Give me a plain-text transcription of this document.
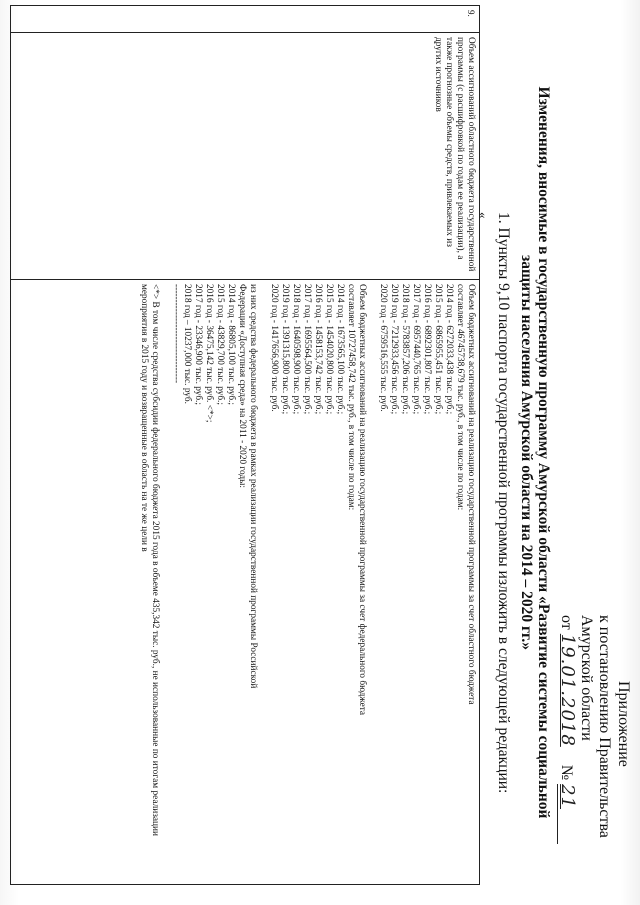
Приложение
к постановлению Правительства
Амурской области
от 19.01.2018 № 21
Изменения, вносимые в государственную программу Амурской области «Развитие системы социальной
защиты населения Амурской области на 2014 – 2020 гг.»
1. Пункты 9,10 паспорта государственной программы изложить в следующей редакции:
«
9.	Объем ассигнований областного бюджета государственной программы (с расшифровкой по годам ее реализации), а также прогнозные объемы средств, привлекаемых из других источников	
Объем бюджетных ассигнований на реализацию государственной программы за счет областного бюджета
составляет 46745738,679 тыс. руб., в том числе по годам:
2014 год - 6272033,438 тыс. руб.;
2015 год - 6865955,451 тыс. руб.;
2016 год - 6892301,807 тыс. руб.;
2017 год - 6957440,765 тыс. руб.;
2018 год - 5783857,206 тыс. руб.;
2019 год - 7212933,456 тыс. руб.;
2020 год - 6759516,555 тыс. руб.
Объем бюджетных ассигнований на реализацию государственной программы за счет федерального бюджета
составляет 10727458,742 тыс. руб., в том числе по годам:
2014 год - 1673565,100 тыс. руб.;
2015 год - 1454020,800 тыс. руб.;
2016 год - 1458153,742 тыс. руб.;
2017 год - 1695564,500 тыс. руб.;
2018 год - 1640598,900 тыс. руб.;
2019 год - 1391315,800 тыс. руб.;
2020 год - 1417656,900 тыс. руб.
из них средства федерального бюджета в рамках реализации государственной программы Российской
Федерации «Доступная среда» на 2011 - 2020 годы:
2014 год - 86805,100 тыс. руб.;
2015 год - 43829,700 тыс. руб.;
2016 год - 36475,142 тыс. руб. <*>;
2017 год - 23346,900 тыс. руб.;
2018 год – 10237,000 тыс. руб.
--------------------------------
<*> В том числе средства субсидии федерального бюджета 2015 года в объеме 435,342 тыс. руб., не использованные по итогам реализации мероприятия в 2015 году и возвращенные в область на те же цели в
